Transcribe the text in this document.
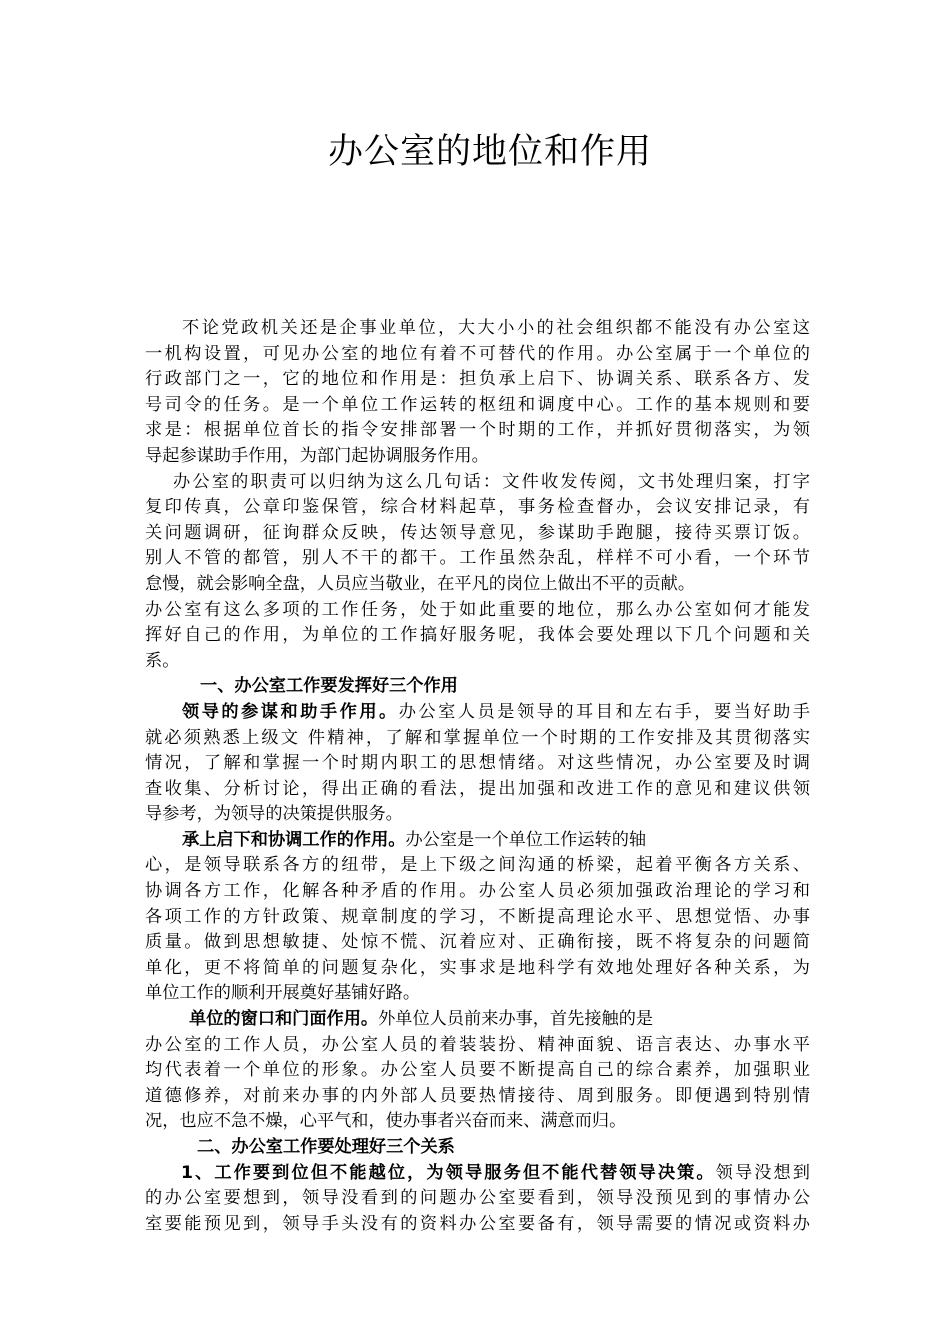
办公室的地位和作用
不论党政机关还是企事业单位，大大小小的社会组织都不能没有办公室这
一机构设置，可见办公室的地位有着不可替代的作用。办公室属于一个单位的
行政部门之一，它的地位和作用是：担负承上启下、协调关系、联系各方、发
号司令的任务。是一个单位工作运转的枢纽和调度中心。工作的基本规则和要
求是：根据单位首长的指令安排部署一个时期的工作，并抓好贯彻落实，为领
导起参谋助手作用，为部门起协调服务作用。
办公室的职责可以归纳为这么几句话：文件收发传阅，文书处理归案，打字
复印传真，公章印鉴保管，综合材料起草，事务检查督办，会议安排记录，有
关问题调研，征询群众反映，传达领导意见，参谋助手跑腿，接待买票订饭。
别人不管的都管，别人不干的都干。工作虽然杂乱，样样不可小看，一个环节
怠慢，就会影响全盘，人员应当敬业，在平凡的岗位上做出不平的贡献。
办公室有这么多项的工作任务，处于如此重要的地位，那么办公室如何才能发
挥好自己的作用，为单位的工作搞好服务呢，我体会要处理以下几个问题和关
系。
一、办公室工作要发挥好三个作用
领导的参谋和助手作用。办公室人员是领导的耳目和左右手，要当好助手
就必须熟悉上级文 件精神，了解和掌握单位一个时期的工作安排及其贯彻落实
情况，了解和掌握一个时期内职工的思想情绪。对这些情况，办公室要及时调
查收集、分析讨论，得出正确的看法，提出加强和改进工作的意见和建议供领
导参考，为领导的决策提供服务。
承上启下和协调工作的作用。办公室是一个单位工作运转的轴
心，是领导联系各方的纽带，是上下级之间沟通的桥梁，起着平衡各方关系、
协调各方工作，化解各种矛盾的作用。办公室人员必须加强政治理论的学习和
各项工作的方针政策、规章制度的学习，不断提高理论水平、思想觉悟、办事
质量。做到思想敏捷、处惊不慌、沉着应对、正确衔接，既不将复杂的问题简
单化，更不将简单的问题复杂化，实事求是地科学有效地处理好各种关系，为
单位工作的顺利开展奠好基铺好路。
单位的窗口和门面作用。外单位人员前来办事，首先接触的是
办公室的工作人员，办公室人员的着装装扮、精神面貌、语言表达、办事水平
均代表着一个单位的形象。办公室人员要不断提高自己的综合素养，加强职业
道德修养，对前来办事的内外部人员要热情接待、周到服务。即便遇到特别情
况，也应不急不燥，心平气和，使办事者兴奋而来、满意而归。
二、办公室工作要处理好三个关系
1、工作要到位但不能越位，为领导服务但不能代替领导决策。领导没想到
的办公室要想到，领导没看到的问题办公室要看到，领导没预见到的事情办公
室要能预见到，领导手头没有的资料办公室要备有，领导需要的情况或资料办
